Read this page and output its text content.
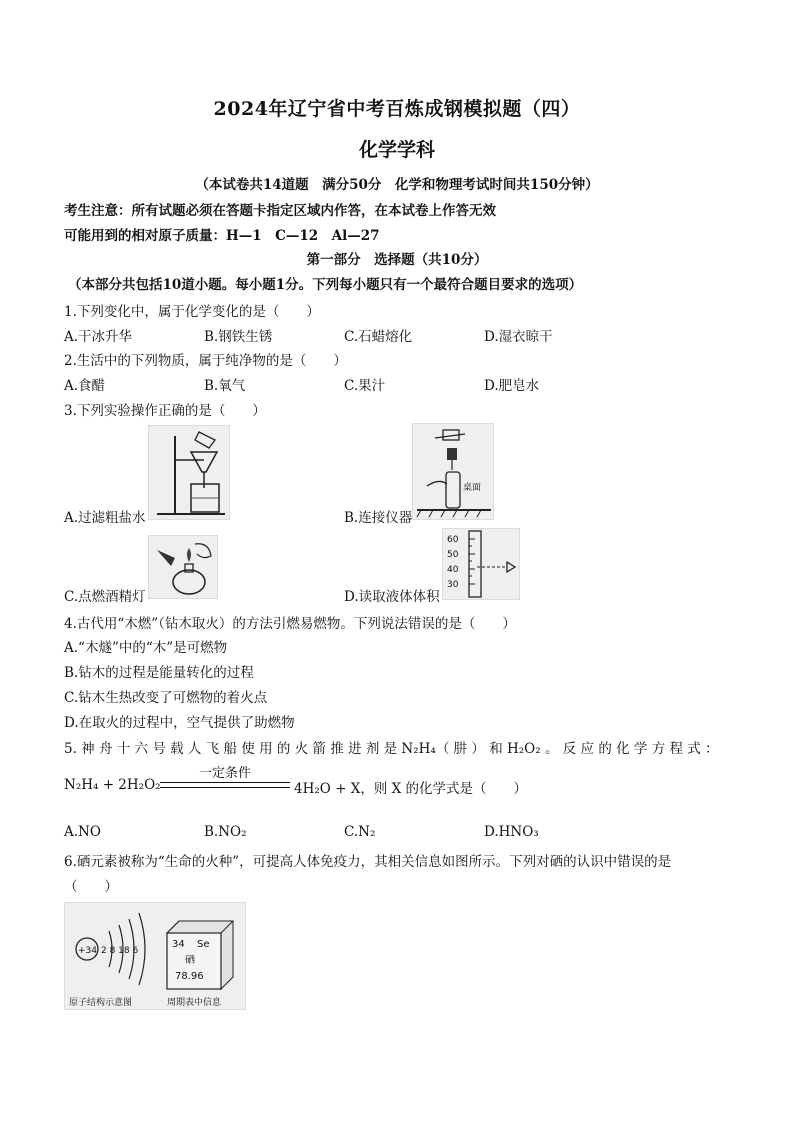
2024年辽宁省中考百炼成钢模拟题（四）
化学学科
（本试卷共14道题　满分50分　化学和物理考试时间共150分钟）
考生注意：所有试题必须在答题卡指定区域内作答，在本试卷上作答无效
可能用到的相对原子质量：H—1　C—12　Al—27
第一部分　选择题（共10分）
（本部分共包括10道小题。每小题1分。下列每小题只有一个最符合题目要求的选项）
1.下列变化中，属于化学变化的是（　　）
A.干冰升华	B.钢铁生锈	C.石蜡熔化	D.湿衣晾干
2.生活中的下列物质，属于纯净物的是（　　）
A.食醋	B.氧气	C.果汁	D.肥皂水
3.下列实验操作正确的是（　　）
A.过滤粗盐水
桌面
B.连接仪器
C.点燃酒精灯
60
50
40
30
D.读取液体体积
4.古代用“木燃”（钻木取火）的方法引燃易燃物。下列说法错误的是（　　）
A.“木燧”中的“木”是可燃物
B.钻木的过程是能量转化的过程
C.钻木生热改变了可燃物的着火点
D.在取火的过程中，空气提供了助燃物
5. 神 舟 十 六 号 载 人 飞 船 使 用 的 火 箭 推 进 剂 是 N₂H₄（ 肼 ） 和 H₂O₂ 。 反 应 的 化 学 方 程 式 ：
N₂H₄ + 2H₂O₂
一定条件
4H₂O + X，则 X 的化学式是（　　）
A.NO	B.NO₂	C.N₂	D.HNO₃
6.硒元素被称为“生命的火种”，可提高人体免疫力，其相关信息如图所示。下列对硒的认识中错误的是
（　　）
+34 2 8 18 6
原子结构示意图
34 Se
硒
78.96
周期表中信息
